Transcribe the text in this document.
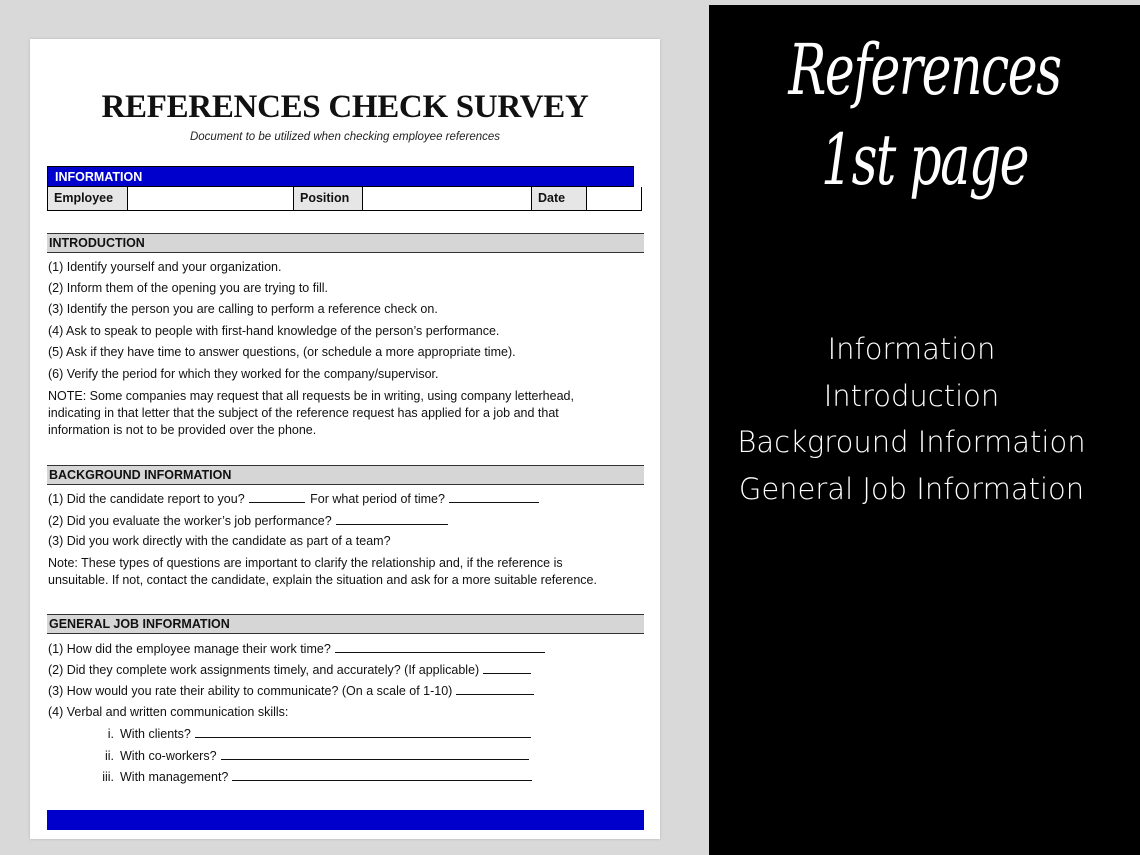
REFERENCES CHECK SURVEY
Document to be utilized when checking employee references
INFORMATION
Employee	Position	Date
INTRODUCTION
(1) Identify yourself and your organization.
(2) Inform them of the opening you are trying to fill.
(3) Identify the person you are calling to perform a reference check on.
(4) Ask to speak to people with first-hand knowledge of the person’s performance.
(5) Ask if they have time to answer questions, (or schedule a more appropriate time).
(6) Verify the period for which they worked for the company/supervisor.
NOTE: Some companies may request that all requests be in writing, using company letterhead,
indicating in that letter that the subject of the reference request has applied for a job and that
information is not to be provided over the phone.
BACKGROUND INFORMATION
(1) Did the candidate report to you?	For what period of time?
(2) Did you evaluate the worker’s job performance?
(3) Did you work directly with the candidate as part of a team?
Note: These types of questions are important to clarify the relationship and, if the reference is
unsuitable. If not, contact the candidate, explain the situation and ask for a more suitable reference.
GENERAL JOB INFORMATION
(1) How did the employee manage their work time?
(2) Did they complete work assignments timely, and accurately? (If applicable)
(3) How would you rate their ability to communicate? (On a scale of 1-10)
(4) Verbal and written communication skills:
i. With clients?
ii. With co-workers?
iii. With management?
References
1st page
Information
Introduction
Background Information
General Job Information
